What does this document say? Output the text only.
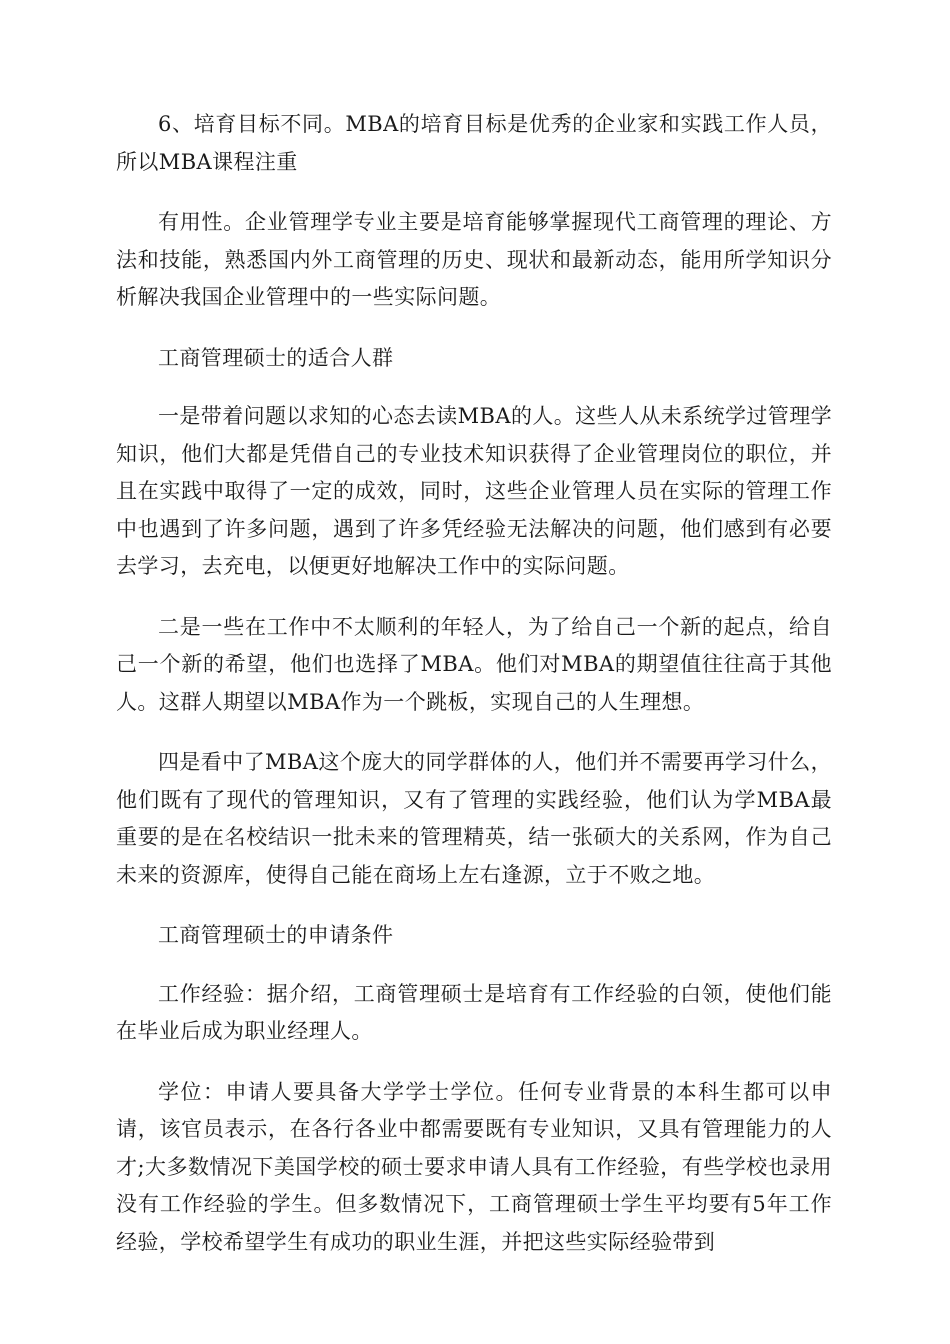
6、培育目标不同。MBA的培育目标是优秀的企业家和实践工作人员，所以MBA课程注重

有用性。企业管理学专业主要是培育能够掌握现代工商管理的理论、方法和技能，熟悉国内外工商管理的历史、现状和最新动态，能用所学知识分析解决我国企业管理中的一些实际问题。

工商管理硕士的适合人群

一是带着问题以求知的心态去读MBA的人。这些人从未系统学过管理学知识，他们大都是凭借自己的专业技术知识获得了企业管理岗位的职位，并且在实践中取得了一定的成效，同时，这些企业管理人员在实际的管理工作中也遇到了许多问题，遇到了许多凭经验无法解决的问题，他们感到有必要去学习，去充电，以便更好地解决工作中的实际问题。

二是一些在工作中不太顺利的年轻人，为了给自己一个新的起点，给自己一个新的希望，他们也选择了MBA。他们对MBA的期望值往往高于其他人。这群人期望以MBA作为一个跳板，实现自己的人生理想。

四是看中了MBA这个庞大的同学群体的人，他们并不需要再学习什么，他们既有了现代的管理知识，又有了管理的实践经验，他们认为学MBA最重要的是在名校结识一批未来的管理精英，结一张硕大的关系网，作为自己未来的资源库，使得自己能在商场上左右逢源，立于不败之地。

工商管理硕士的申请条件

工作经验：据介绍，工商管理硕士是培育有工作经验的白领，使他们能在毕业后成为职业经理人。

学位：申请人要具备大学学士学位。任何专业背景的本科生都可以申请，该官员表示，在各行各业中都需要既有专业知识，又具有管理能力的人才;大多数情况下美国学校的硕士要求申请人具有工作经验，有些学校也录用没有工作经验的学生。但多数情况下，工商管理硕士学生平均要有5年工作经验，学校希望学生有成功的职业生涯，并把这些实际经验带到
